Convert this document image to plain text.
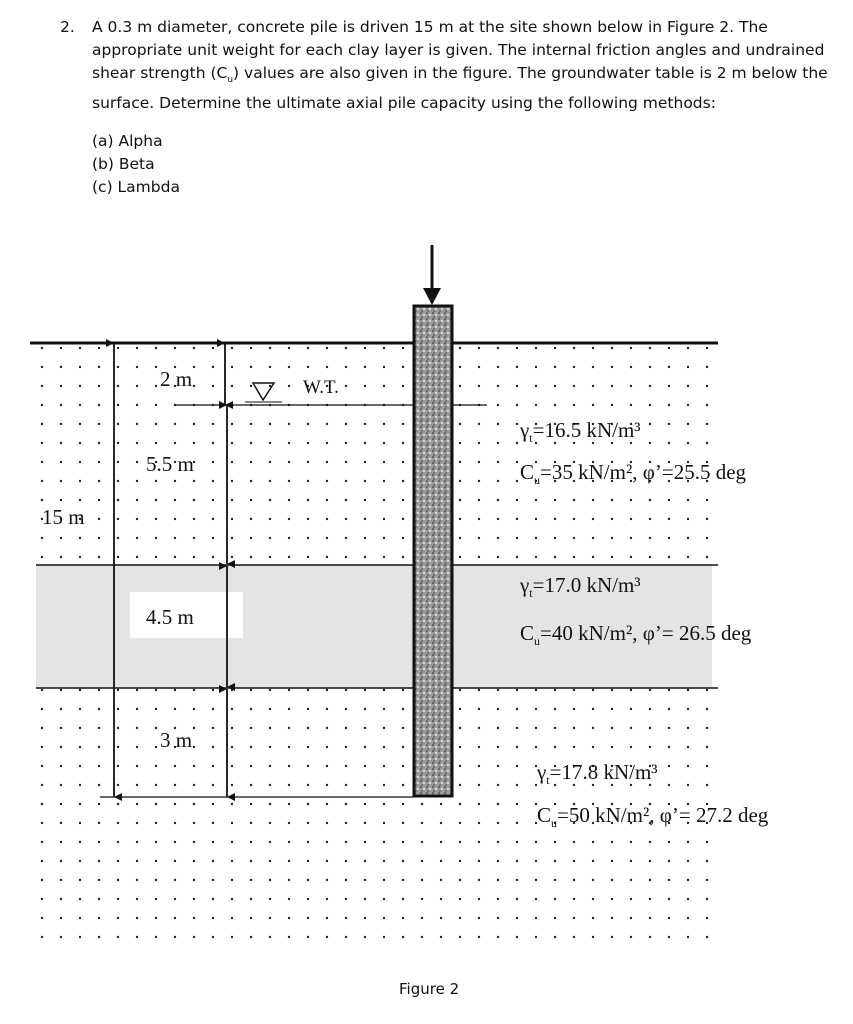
2. A 0.3 m diameter, concrete pile is driven 15 m at the site shown below in Figure 2. The appropriate unit weight for each clay layer is given. The internal friction angles and undrained shear strength $(C_u)$ values are also given in the figure. The groundwater table is 2 m below the surface. Determine the ultimate axial pile capacity using the following methods:
(a) Alpha
(b) Beta
(c) Lambda
15 m
2 m
5.5 m
4.5 m
3 m
W.T.
$\gamma_t=16.5$ kN/m³
$C_u=35$ kN/m², φ’=25.5 deg
$\gamma_t=17.0$ kN/m³
$C_u=40$ kN/m², φ’= 26.5 deg
$\gamma_t=17.8$ kN/m³
$C_u=50$ kN/m², φ’= 27.2 deg
Figure 2
